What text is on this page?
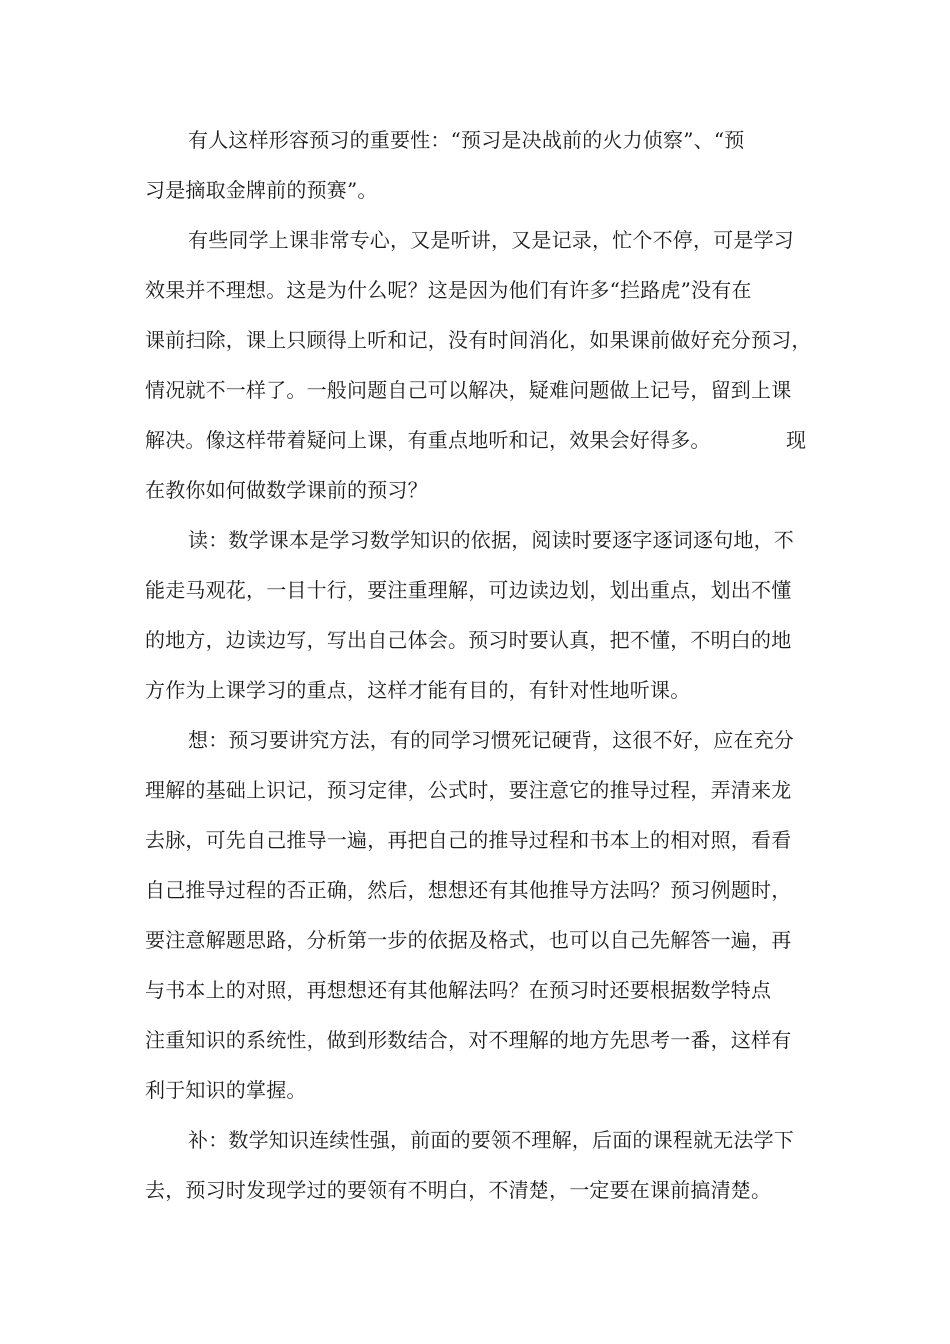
有人这样形容预习的重要性：“预习是决战前的火力侦察”、“预
习是摘取金牌前的预赛”。
有些同学上课非常专心，又是听讲，又是记录，忙个不停，可是学习
效果并不理想。这是为什么呢？这是因为他们有许多“拦路虎”没有在
课前扫除，课上只顾得上听和记，没有时间消化，如果课前做好充分预习，
情况就不一样了。一般问题自己可以解决，疑难问题做上记号，留到上课
解决。像这样带着疑问上课，有重点地听和记，效果会好得多。	现
在教你如何做数学课前的预习？
读：数学课本是学习数学知识的依据，阅读时要逐字逐词逐句地，不
能走马观花，一目十行，要注重理解，可边读边划，划出重点，划出不懂
的地方，边读边写，写出自己体会。预习时要认真，把不懂，不明白的地
方作为上课学习的重点，这样才能有目的，有针对性地听课。
想：预习要讲究方法，有的同学习惯死记硬背，这很不好，应在充分
理解的基础上识记，预习定律，公式时，要注意它的推导过程，弄清来龙
去脉，可先自己推导一遍，再把自己的推导过程和书本上的相对照，看看
自己推导过程的否正确，然后，想想还有其他推导方法吗？预习例题时，
要注意解题思路，分析第一步的依据及格式，也可以自己先解答一遍，再
与书本上的对照，再想想还有其他解法吗？在预习时还要根据数学特点
注重知识的系统性，做到形数结合，对不理解的地方先思考一番，这样有
利于知识的掌握。
补：数学知识连续性强，前面的要领不理解，后面的课程就无法学下
去，预习时发现学过的要领有不明白，不清楚，一定要在课前搞清楚。
